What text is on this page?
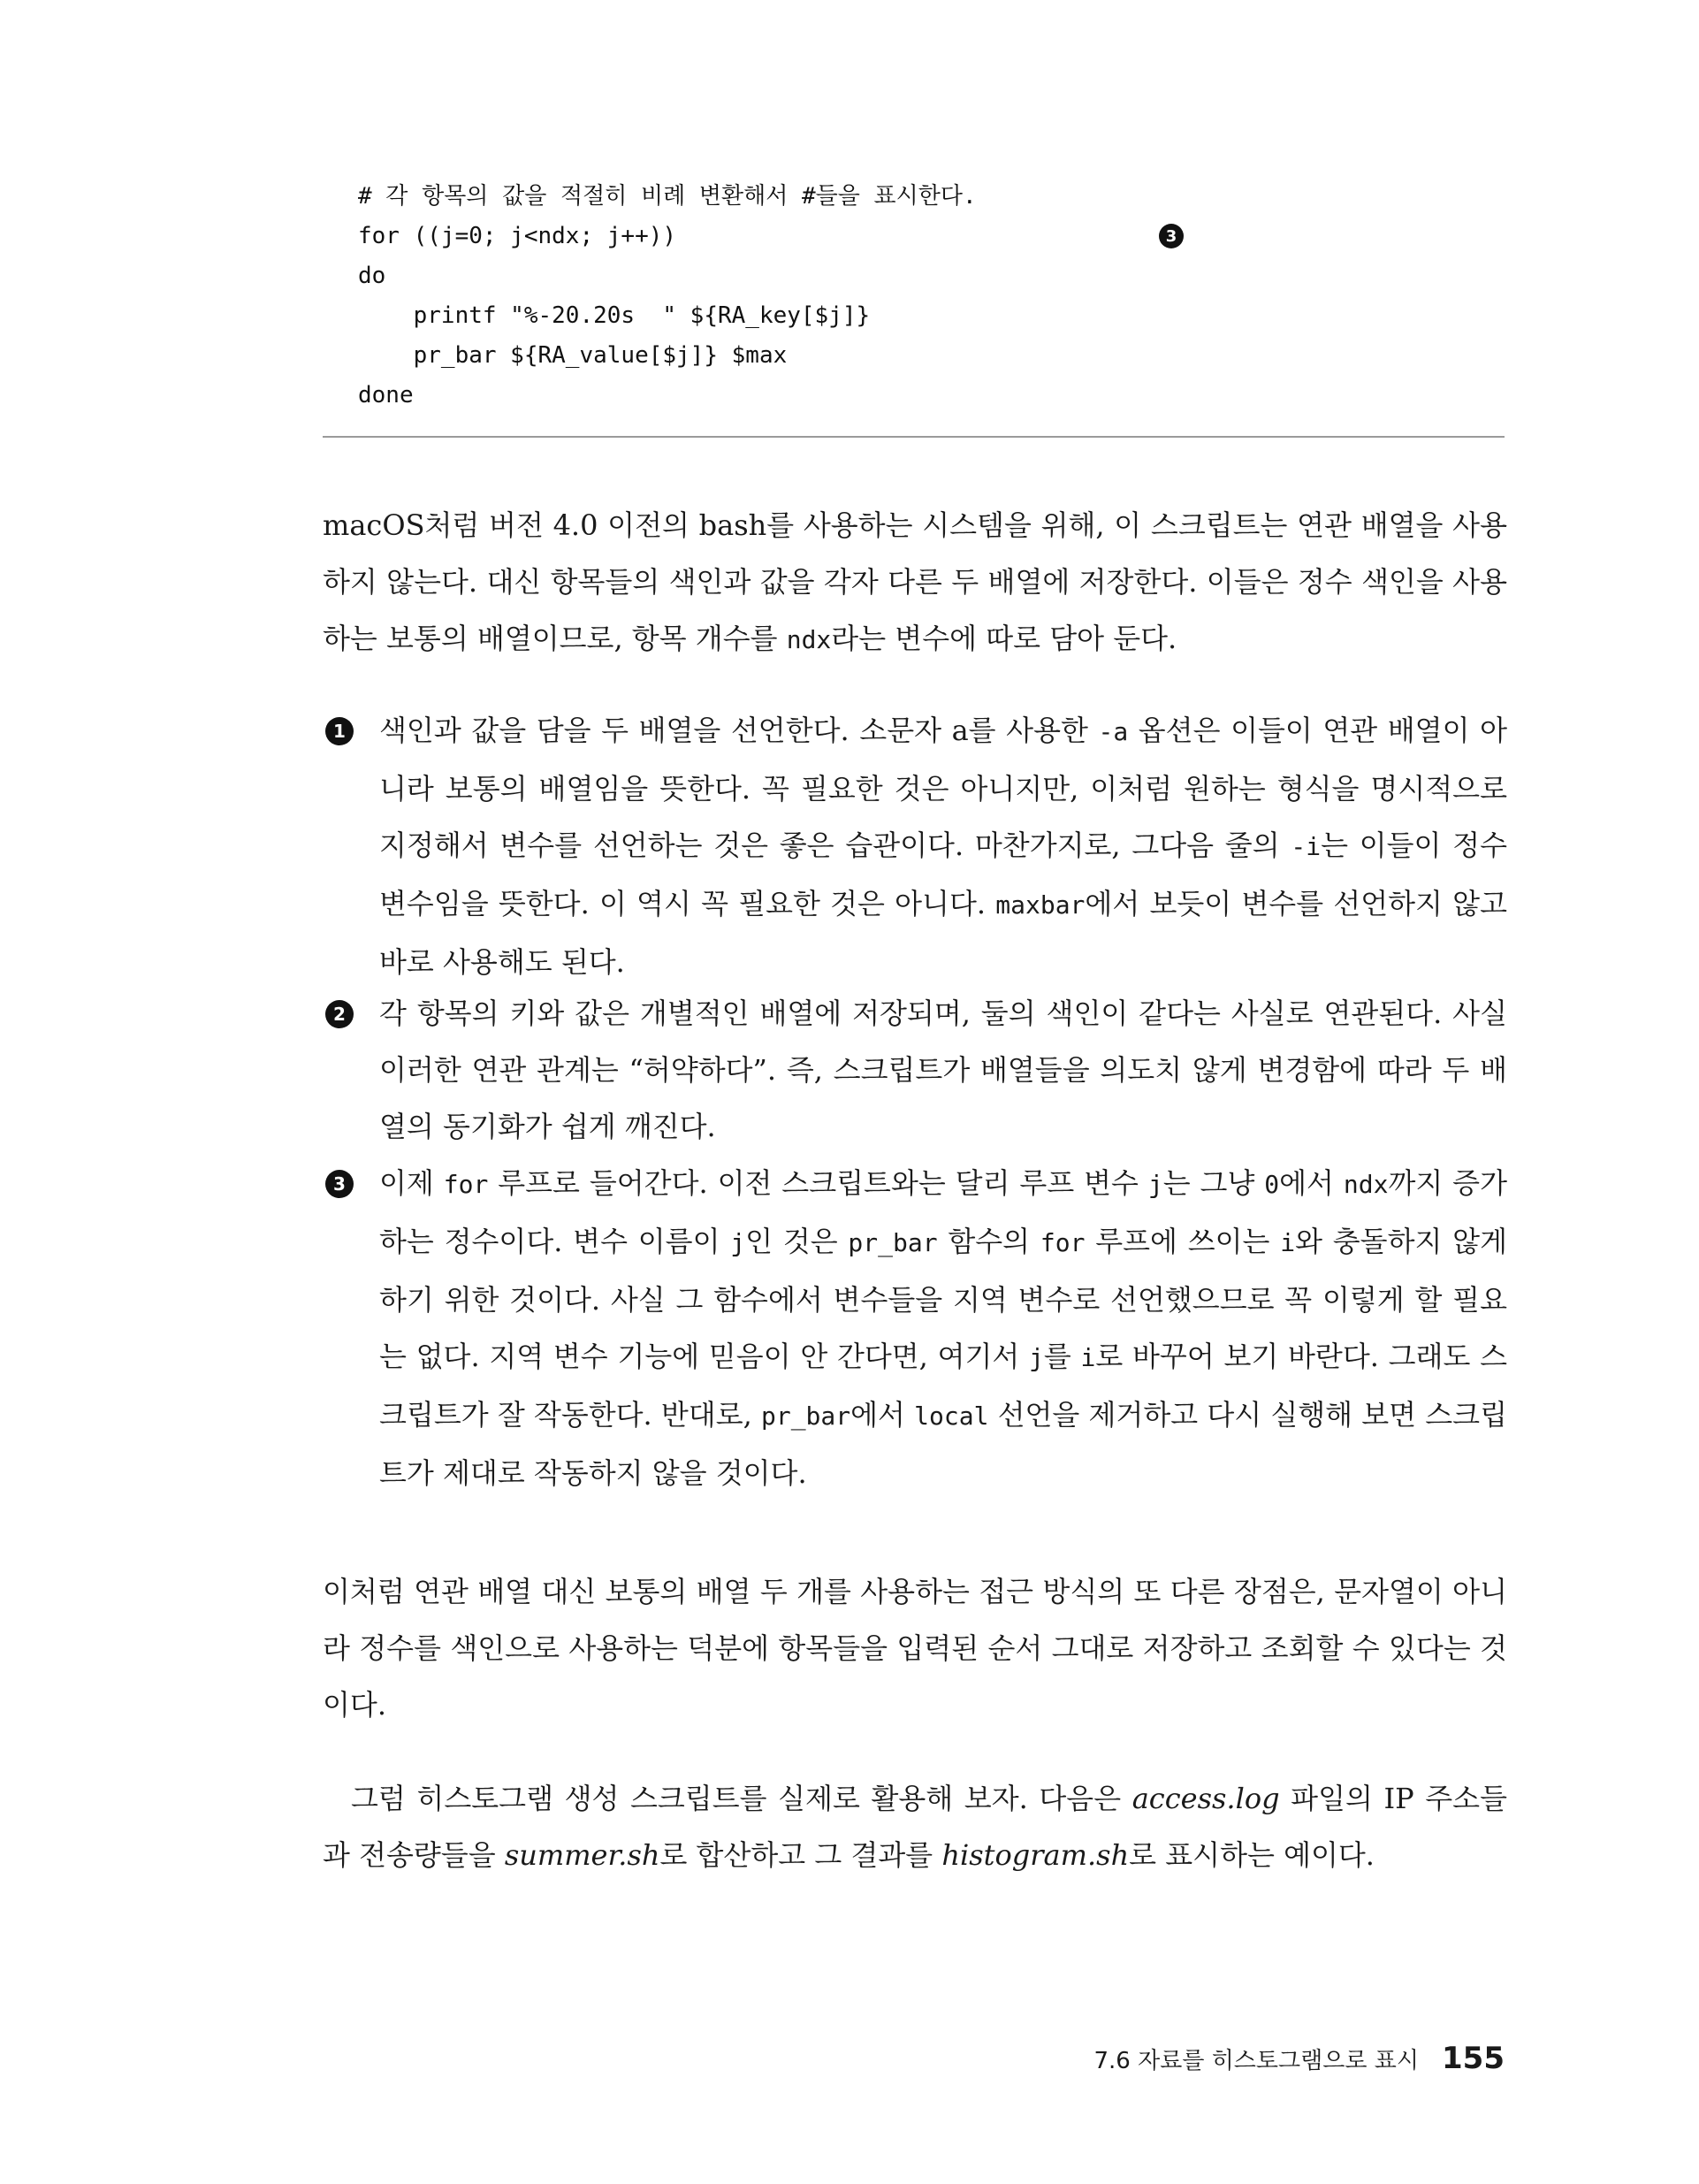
# 각 항목의 값을 적절히 비례 변환해서 #들을 표시한다.
for ((j=0; j<ndx; j++))
do
printf "%-20.20s  " ${RA_key[$j]}
pr_bar ${RA_value[$j]} $max
done
3

macOS처럼 버전 4.0 이전의 bash를 사용하는 시스템을 위해, 이 스크립트는 연관 배열을 사용하지 않는다. 대신 항목들의 색인과 값을 각자 다른 두 배열에 저장한다. 이들은 정수 색인을 사용하는 보통의 배열이므로, 항목 개수를 ndx라는 변수에 따로 담아 둔다.

1 색인과 값을 담을 두 배열을 선언한다. 소문자 a를 사용한 -a 옵션은 이들이 연관 배열이 아니라 보통의 배열임을 뜻한다. 꼭 필요한 것은 아니지만, 이처럼 원하는 형식을 명시적으로 지정해서 변수를 선언하는 것은 좋은 습관이다. 마찬가지로, 그다음 줄의 -i는 이들이 정수 변수임을 뜻한다. 이 역시 꼭 필요한 것은 아니다. maxbar에서 보듯이 변수를 선언하지 않고 바로 사용해도 된다.

2 각 항목의 키와 값은 개별적인 배열에 저장되며, 둘의 색인이 같다는 사실로 연관된다. 사실 이러한 연관 관계는 “허약하다”. 즉, 스크립트가 배열들을 의도치 않게 변경함에 따라 두 배열의 동기화가 쉽게 깨진다.

3 이제 for 루프로 들어간다. 이전 스크립트와는 달리 루프 변수 j는 그냥 0에서 ndx까지 증가하는 정수이다. 변수 이름이 j인 것은 pr_bar 함수의 for 루프에 쓰이는 i와 충돌하지 않게 하기 위한 것이다. 사실 그 함수에서 변수들을 지역 변수로 선언했으므로 꼭 이렇게 할 필요는 없다. 지역 변수 기능에 믿음이 안 간다면, 여기서 j를 i로 바꾸어 보기 바란다. 그래도 스크립트가 잘 작동한다. 반대로, pr_bar에서 local 선언을 제거하고 다시 실행해 보면 스크립트가 제대로 작동하지 않을 것이다.

이처럼 연관 배열 대신 보통의 배열 두 개를 사용하는 접근 방식의 또 다른 장점은, 문자열이 아니라 정수를 색인으로 사용하는 덕분에 항목들을 입력된 순서 그대로 저장하고 조회할 수 있다는 것이다.

그럼 히스토그램 생성 스크립트를 실제로 활용해 보자. 다음은 access.log 파일의 IP 주소들과 전송량들을 summer.sh로 합산하고 그 결과를 histogram.sh로 표시하는 예이다.

7.6 자료를 히스토그램으로 표시 155
